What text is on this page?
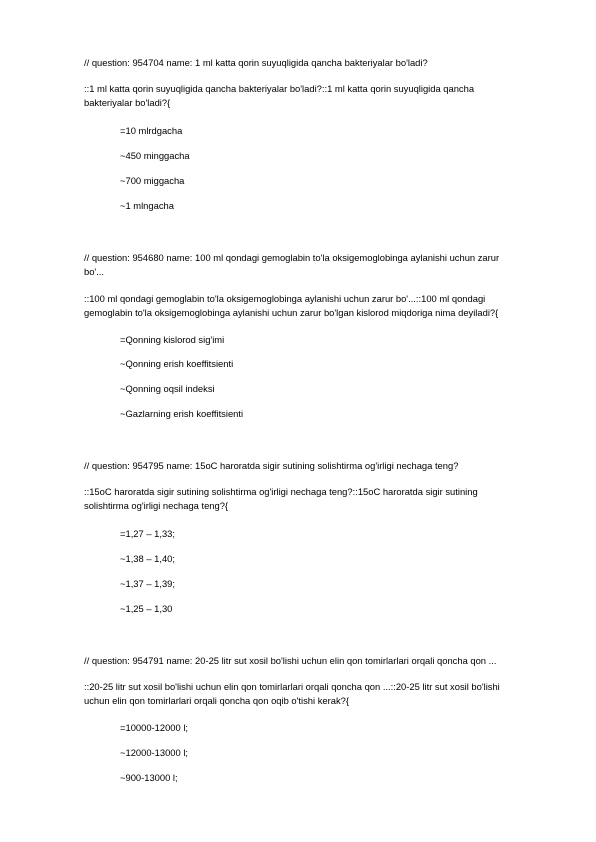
// question: 954704 name: 1 ml katta qorin suyuqligida qancha bakteriyalar bo'ladi?
::1 ml katta qorin suyuqligida qancha bakteriyalar bo'ladi?::1 ml katta qorin suyuqligida qancha
bakteriyalar bo'ladi?{
=10 mlrdgacha
~450 minggacha
~700 miggacha
~1 mlngacha
// question: 954680 name: 100 ml qondagi gemoglabin to'la oksigemoglobinga aylanishi uchun zarur
bo'...
::100 ml qondagi gemoglabin to'la oksigemoglobinga aylanishi uchun zarur bo'...::100 ml qondagi
gemoglabin to'la oksigemoglobinga aylanishi uchun zarur bo'lgan kislorod miqdoriga nima deyiladi?{
=Qonning kislorod sig'imi
~Qonning erish koeffitsienti
~Qonning oqsil indeksi
~Gazlarning erish koeffitsienti
// question: 954795 name: 15oC haroratda sigir sutining solishtirma og'irligi nechaga teng?
::15oC haroratda sigir sutining solishtirma og'irligi nechaga teng?::15oC haroratda sigir sutining
solishtirma og'irligi nechaga teng?{
=1,27 – 1,33;
~1,38 – 1,40;
~1,37 – 1,39;
~1,25 – 1,30
// question: 954791 name: 20-25 litr sut xosil bo'lishi uchun elin qon tomirlarlari orqali qoncha qon ...
::20-25 litr sut xosil bo'lishi uchun elin qon tomirlarlari orqali qoncha qon ...::20-25 litr sut xosil bo'lishi
uchun elin qon tomirlarlari orqali qoncha qon oqib o'tishi kerak?{
=10000-12000 l;
~12000-13000 l;
~900-13000 l;
